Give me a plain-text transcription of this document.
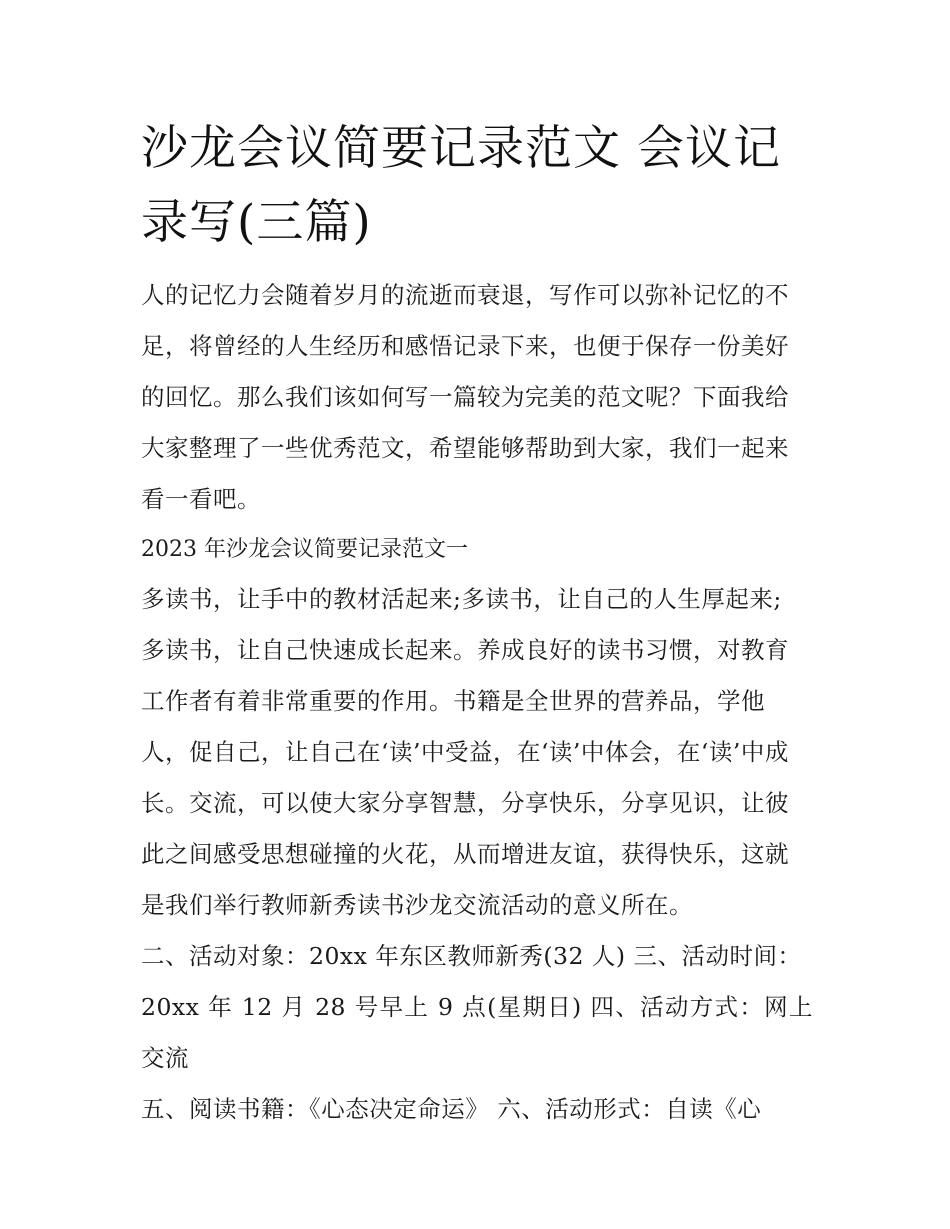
沙龙会议简要记录范文 会议记
录写(三篇)

人的记忆力会随着岁月的流逝而衰退，写作可以弥补记忆的不
足，将曾经的人生经历和感悟记录下来，也便于保存一份美好
的回忆。那么我们该如何写一篇较为完美的范文呢？下面我给
大家整理了一些优秀范文，希望能够帮助到大家，我们一起来
看一看吧。

2023 年沙龙会议简要记录范文一

多读书，让手中的教材活起来;多读书，让自己的人生厚起来;
多读书，让自己快速成长起来。养成良好的读书习惯，对教育
工作者有着非常重要的作用。书籍是全世界的营养品，学他
人，促自己，让自己在‘读’中受益，在‘读’中体会，在‘读’中成
长。交流，可以使大家分享智慧，分享快乐，分享见识，让彼
此之间感受思想碰撞的火花，从而增进友谊，获得快乐，这就
是我们举行教师新秀读书沙龙交流活动的意义所在。

二、活动对象：20xx 年东区教师新秀(32 人) 三、活动时间：
20xx 年 12 月 28 号早上 9 点(星期日) 四、活动方式：网上交流
五、阅读书籍：《心态决定命运》 六、活动形式：自读《心
